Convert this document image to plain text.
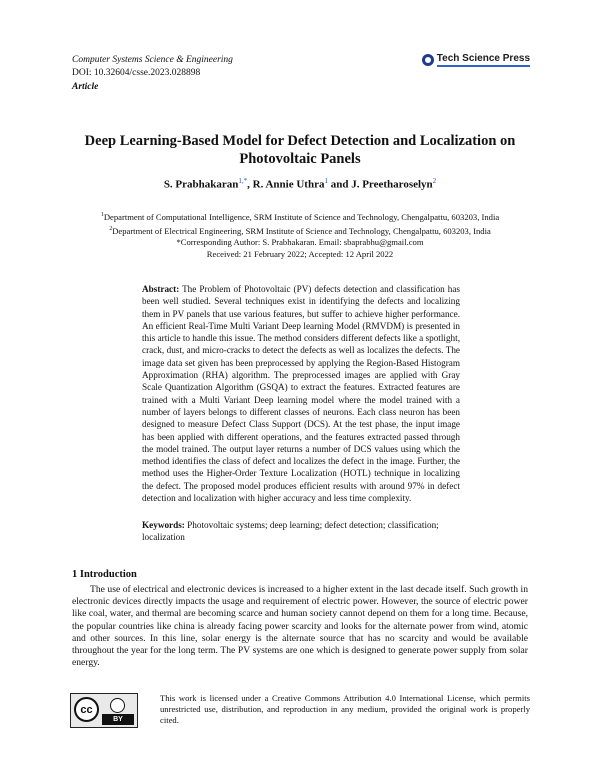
Computer Systems Science & Engineering
DOI: 10.32604/csse.2023.028898
Article
Tech Science Press
Deep Learning-Based Model for Defect Detection and Localization on
Photovoltaic Panels
S. Prabhakaran$^{1,*}$, R. Annie Uthra$^1$ and J. Preetharoselyn$^2$
$^1$Department of Computational Intelligence, SRM Institute of Science and Technology, Chengalpattu, 603203, India
$^2$Department of Electrical Engineering, SRM Institute of Science and Technology, Chengalpattu, 603203, India
*Corresponding Author: S. Prabhakaran. Email: sbaprabhu@gmail.com
Received: 21 February 2022; Accepted: 12 April 2022
Abstract: The Problem of Photovoltaic (PV) defects detection and classification has been well studied. Several techniques exist in identifying the defects and localizing them in PV panels that use various features, but suffer to achieve higher performance. An efficient Real-Time Multi Variant Deep learning Model (RMVDM) is presented in this article to handle this issue. The method considers different defects like a spotlight, crack, dust, and micro-cracks to detect the defects as well as localizes the defects. The image data set given has been preprocessed by applying the Region-Based Histogram Approximation (RHA) algorithm. The preprocessed images are applied with Gray Scale Quantization Algorithm (GSQA) to extract the features. Extracted features are trained with a Multi Variant Deep learning model where the model trained with a number of layers belongs to different classes of neurons. Each class neuron has been designed to measure Defect Class Support (DCS). At the test phase, the input image has been applied with different operations, and the features extracted passed through the model trained. The output layer returns a number of DCS values using which the method identifies the class of defect and localizes the defect in the image. Further, the method uses the Higher-Order Texture Localization (HOTL) technique in localizing the defect. The proposed model produces efficient results with around 97% in defect detection and localization with higher accuracy and less time complexity.
Keywords: Photovoltaic systems; deep learning; defect detection; classification; localization
1 Introduction
The use of electrical and electronic devices is increased to a higher extent in the last decade itself. Such growth in electronic devices directly impacts the usage and requirement of electric power. However, the source of electric power like coal, water, and thermal are becoming scarce and human society cannot depend on them for a long time. Because, the popular countries like china is already facing power scarcity and looks for the alternate power from wind, atomic and other sources. In this line, solar energy is the alternate source that has no scarcity and would be available throughout the year for the long term. The PV systems are one which is designed to generate power supply from solar energy.
cc
BY
This work is licensed under a Creative Commons Attribution 4.0 International License, which permits unrestricted use, distribution, and reproduction in any medium, provided the original work is properly cited.
